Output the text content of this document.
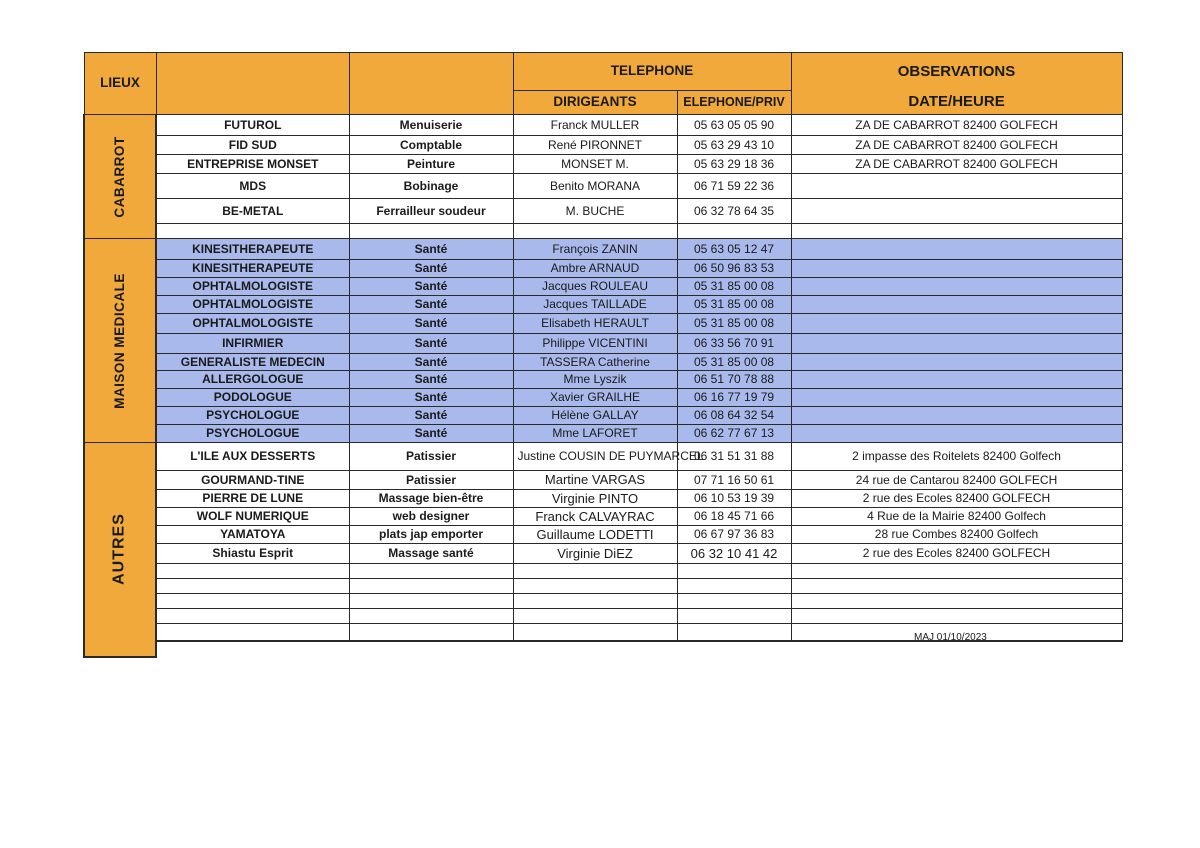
LIEUX			TELEPHONE		OBSERVATIONS
			DIRIGEANTS	ELEPHONE/PRIV	DATE/HEURE

CABARROT	FUTUROL	Menuiserie	Franck MULLER	05 63 05 05 90	ZA DE CABARROT 82400 GOLFECH
	FID SUD	Comptable	René PIRONNET	05 63 29 43 10	ZA DE CABARROT 82400 GOLFECH
	ENTREPRISE MONSET	Peinture	MONSET M.	05 63 29 18 36	ZA DE CABARROT 82400 GOLFECH
	MDS	Bobinage	Benito MORANA	06 71 59 22 36	
	BE-METAL	Ferrailleur soudeur	M. BUCHE	06 32 78 64 35	

MAISON MEDICALE	KINESITHERAPEUTE	Santé	François ZANIN	05 63 05 12 47	
	KINESITHERAPEUTE	Santé	Ambre ARNAUD	06 50 96 83 53	
	OPHTALMOLOGISTE	Santé	Jacques ROULEAU	05 31 85 00 08	
	OPHTALMOLOGISTE	Santé	Jacques TAILLADE	05 31 85 00 08	
	OPHTALMOLOGISTE	Santé	Elisabeth HERAULT	05 31 85 00 08	
	INFIRMIER	Santé	Philippe VICENTINI	06 33 56 70 91	
	GENERALISTE MEDECIN	Santé	TASSERA Catherine	05 31 85 00 08	
	ALLERGOLOGUE	Santé	Mme Lyszik	06 51 70 78 88	
	PODOLOGUE	Santé	Xavier GRAILHE	06 16 77 19 79	
	PSYCHOLOGUE	Santé	Hélène GALLAY	06 08 64 32 54	
	PSYCHOLOGUE	Santé	Mme LAFORET	06 62 77 67 13	

AUTRES	L'ILE AUX DESSERTS	Patissier	Justine COUSIN DE PUYMARCEL	06 31 51 31 88	2 impasse des Roitelets 82400 Golfech
	GOURMAND-TINE	Patissier	Martine VARGAS	07 71 16 50 61	24 rue de Cantarou 82400 GOLFECH
	PIERRE DE LUNE	Massage bien-être	Virginie PINTO	06 10 53 19 39	2 rue des Ecoles 82400 GOLFECH
	WOLF NUMERIQUE	web designer	Franck CALVAYRAC	06 18 45 71 66	4 Rue de la Mairie 82400 Golfech
	YAMATOYA	plats jap emporter	Guillaume LODETTI	06 67 97 36 83	28 rue Combes 82400 Golfech
	Shiastu Esprit	Massage santé	Virginie DiEZ	06 32 10 41 42	2 rue des Ecoles 82400 GOLFECH

MAJ 01/10/2023
